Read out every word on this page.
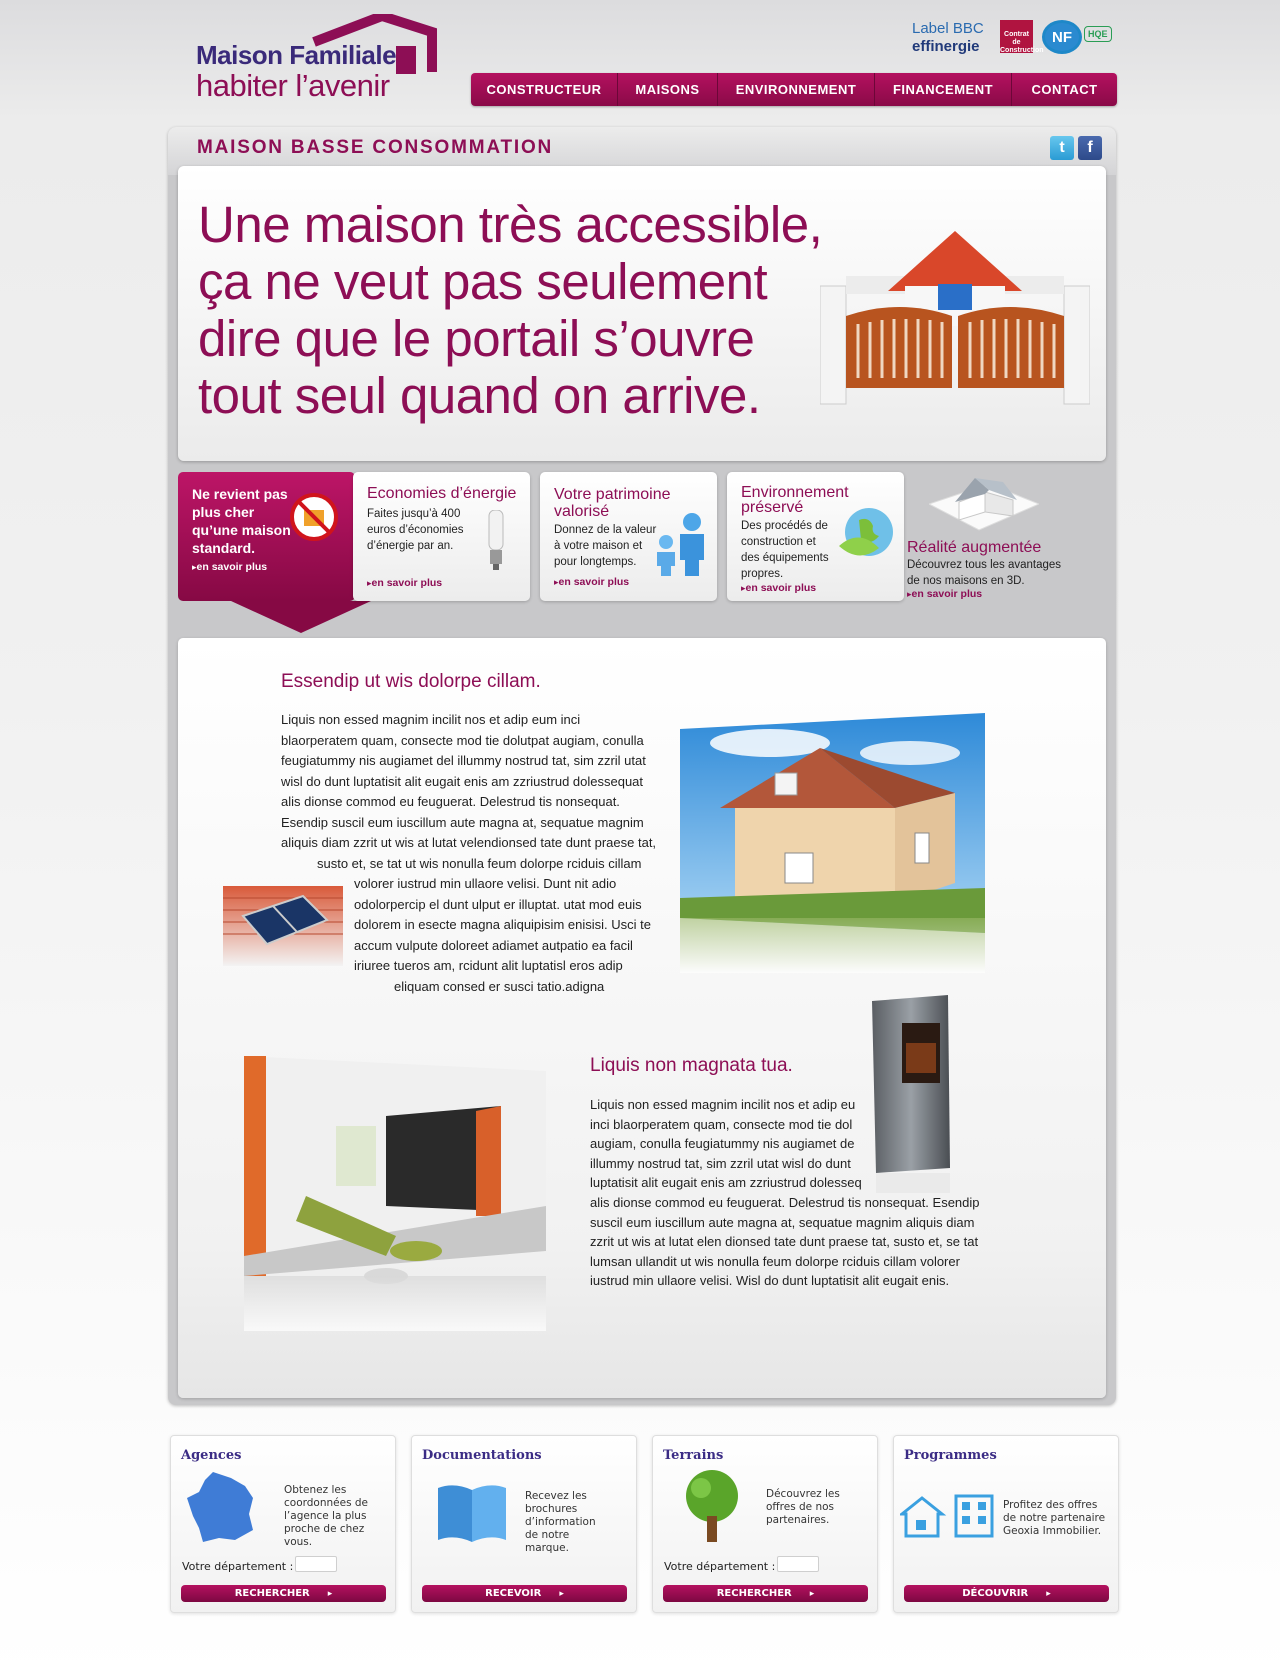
Maison Familiale
habiter l’avenir
Label BBC
effinergie
Contrat de Construction
NF	HQE
CONSTRUCTEUR	MAISONS	ENVIRONNEMENT	FINANCEMENT	CONTACT
MAISON BASSE CONSOMMATION	t	f
Une maison très accessible, ça ne veut pas seulement dire que le portail s’ouvre tout seul quand on arrive.
Ne revient pas plus cher qu’une maison standard.
▸ en savoir plus
Economies d’énergie

Faites jusqu’à 400 euros d’économies d’énergie par an.

▸ en savoir plus
Votre patrimoine valorisé

Donnez de la valeur à votre maison et pour longtemps.

▸ en savoir plus
Environnement préservé

Des procédés de construction et des équipements propres.

▸ en savoir plus
Réalité augmentée

Découvrez tous les avantages de nos maisons en 3D.

▸ en savoir plus
Essendip ut wis dolorpe cillam.
Liquis non essed magnim incilit nos et adip eum inci
blaorperatem quam, consecte mod tie dolutpat augiam, conulla
feugiatummy nis augiamet del illummy nostrud tat, sim zzril utat
wisl do dunt luptatisit alit eugait enis am zzriustrud dolessequat
alis dionse commod eu feuguerat. Delestrud tis nonsequat.
Esendip suscil eum iuscillum aute magna at, sequatue magnim
aliquis diam zzrit ut wis at lutat velendionsed tate dunt praese tat,
susto et, se tat ut wis nonulla feum dolorpe rciduis cillam
volorer iustrud min ullaore velisi. Dunt nit adio
odolorpercip el dunt ulput er illuptat. utat mod euis
dolorem in esecte magna aliquipisim enisisi. Usci te
accum vulpute doloreet adiamet autpatio ea facil
iriuree tueros am, rcidunt alit luptatisl eros adip
eliquam consed er susci tatio.adigna
Liquis non magnata tua.
Liquis non essed magnim incilit nos et adip eu
inci blaorperatem quam, consecte mod tie dol
augiam, conulla feugiatummy nis augiamet de
illummy nostrud tat, sim zzril utat wisl do dunt
luptatisit alit eugait enis am zzriustrud dolesseq
alis dionse commod eu feuguerat. Delestrud tis nonsequat. Esendip
suscil eum iuscillum aute magna at, sequatue magnim aliquis diam
zzrit ut wis at lutat elen dionsed tate dunt praese tat, susto et, se tat
lumsan ullandit ut wis nonulla feum dolorpe rciduis cillam volorer
iustrud min ullaore velisi. Wisl do dunt luptatisit alit eugait enis.
Agences

Obtenez les coordonnées de l’agence la plus proche de chez vous.

Votre département :
RECHERCHER ▸
Documentations

Recevez les brochures d’information de notre marque.

RECEVOIR ▸
Terrains

Découvrez les offres de nos partenaires.

Votre département :
RECHERCHER ▸
Programmes

Profitez des offres de notre partenaire Geoxia Immobilier.

DÉCOUVRIR ▸
